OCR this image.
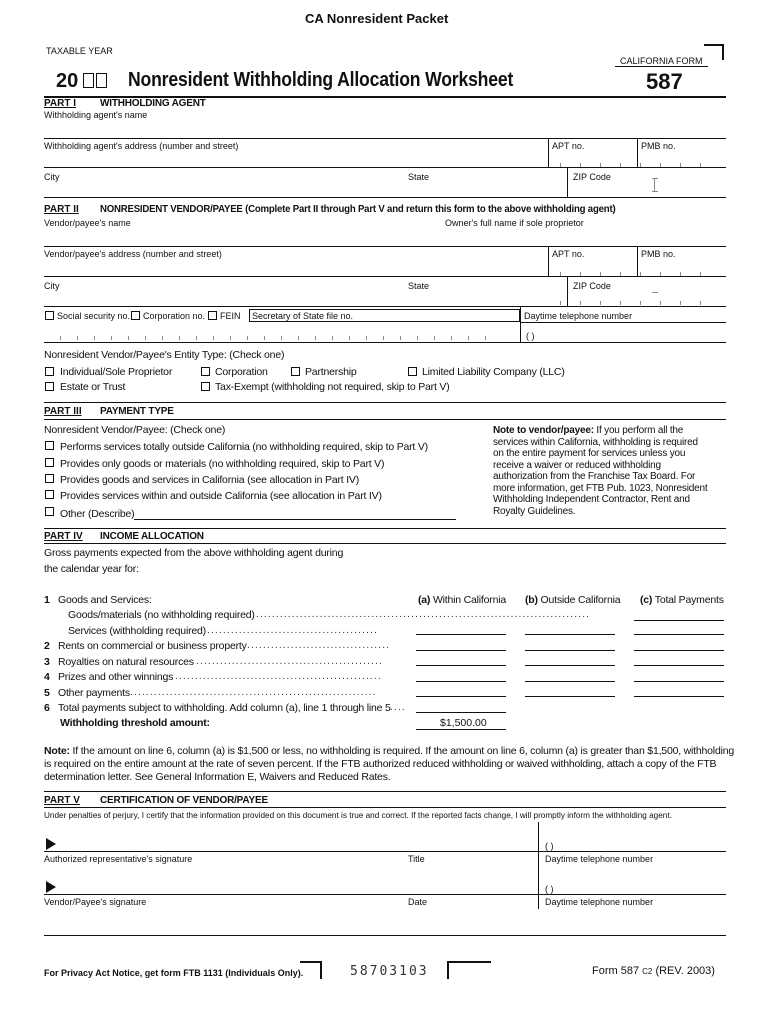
CA Nonresident Packet
TAXABLE YEAR
CALIFORNIA FORM
20 Nonresident Withholding Allocation Worksheet	587
PART I WITHHOLDING AGENT
Withholding agent's name
Withholding agent's address (number and street)	APT no.	PMB no.
City	State	ZIP Code
PART II NONRESIDENT VENDOR/PAYEE (Complete Part II through Part V and return this form to the above withholding agent)
Vendor/payee's name	Owner's full name if sole proprietor
Vendor/payee's address (number and street)	APT no.	PMB no.
City	State	ZIP Code
Social security no. Corporation no. FEIN Secretary of State file no.	Daytime telephone number
( )
Nonresident Vendor/Payee's Entity Type: (Check one)
Individual/Sole Proprietor	Corporation	Partnership	Limited Liability Company (LLC)
Estate or Trust	Tax-Exempt (withholding not required, skip to Part V)
PART III PAYMENT TYPE
Nonresident Vendor/Payee: (Check one)
Performs services totally outside California (no withholding required, skip to Part V)
Provides only goods or materials (no withholding required, skip to Part V)
Provides goods and services in California (see allocation in Part IV)
Provides services within and outside California (see allocation in Part IV)
Other (Describe)
Note to vendor/payee: If you perform all the
services within California, withholding is required
on the entire payment for services unless you
receive a waiver or reduced withholding
authorization from the Franchise Tax Board. For
more information, get FTB Pub. 1023, Nonresident
Withholding Independent Contractor, Rent and
Royalty Guidelines.
PART IV INCOME ALLOCATION
Gross payments expected from the above withholding agent during
the calendar year for:
(a) Within California (b) Outside California (c) Total Payments
1 Goods and Services:
Goods/materials (no withholding required)
.....................................................................................
Services (withholding required) ...........................................
2 Rents on commercial or business property ....................................
3 Royalties on natural resources ...............................................
4 Prizes and other winnings
.....................................................
5 Other payments ..............................................................
6 Total payments subject to withholding. Add column (a), line 1 through line 5 ....
Withholding threshold amount:	$1,500.00
Note: If the amount on line 6, column (a) is $1,500 or less, no withholding is required. If the amount on line 6, column (a) is greater than $1,500, withholding
is required on the entire amount at the rate of seven percent. If the FTB authorized reduced withholding or waived withholding, attach a copy of the FTB
determination letter. See General Information E, Waivers and Reduced Rates.
PART V CERTIFICATION OF VENDOR/PAYEE
Under penalties of perjury, I certify that the information provided on this document is true and correct. If the reported facts change, I will promptly inform the withholding agent.
( )
Authorized representative's signature	Title	Daytime telephone number
( )
Vendor/Payee's signature	Date	Daytime telephone number
For Privacy Act Notice, get form FTB 1131 (Individuals Only).	58703103	Form 587 C2 (REV. 2003)
